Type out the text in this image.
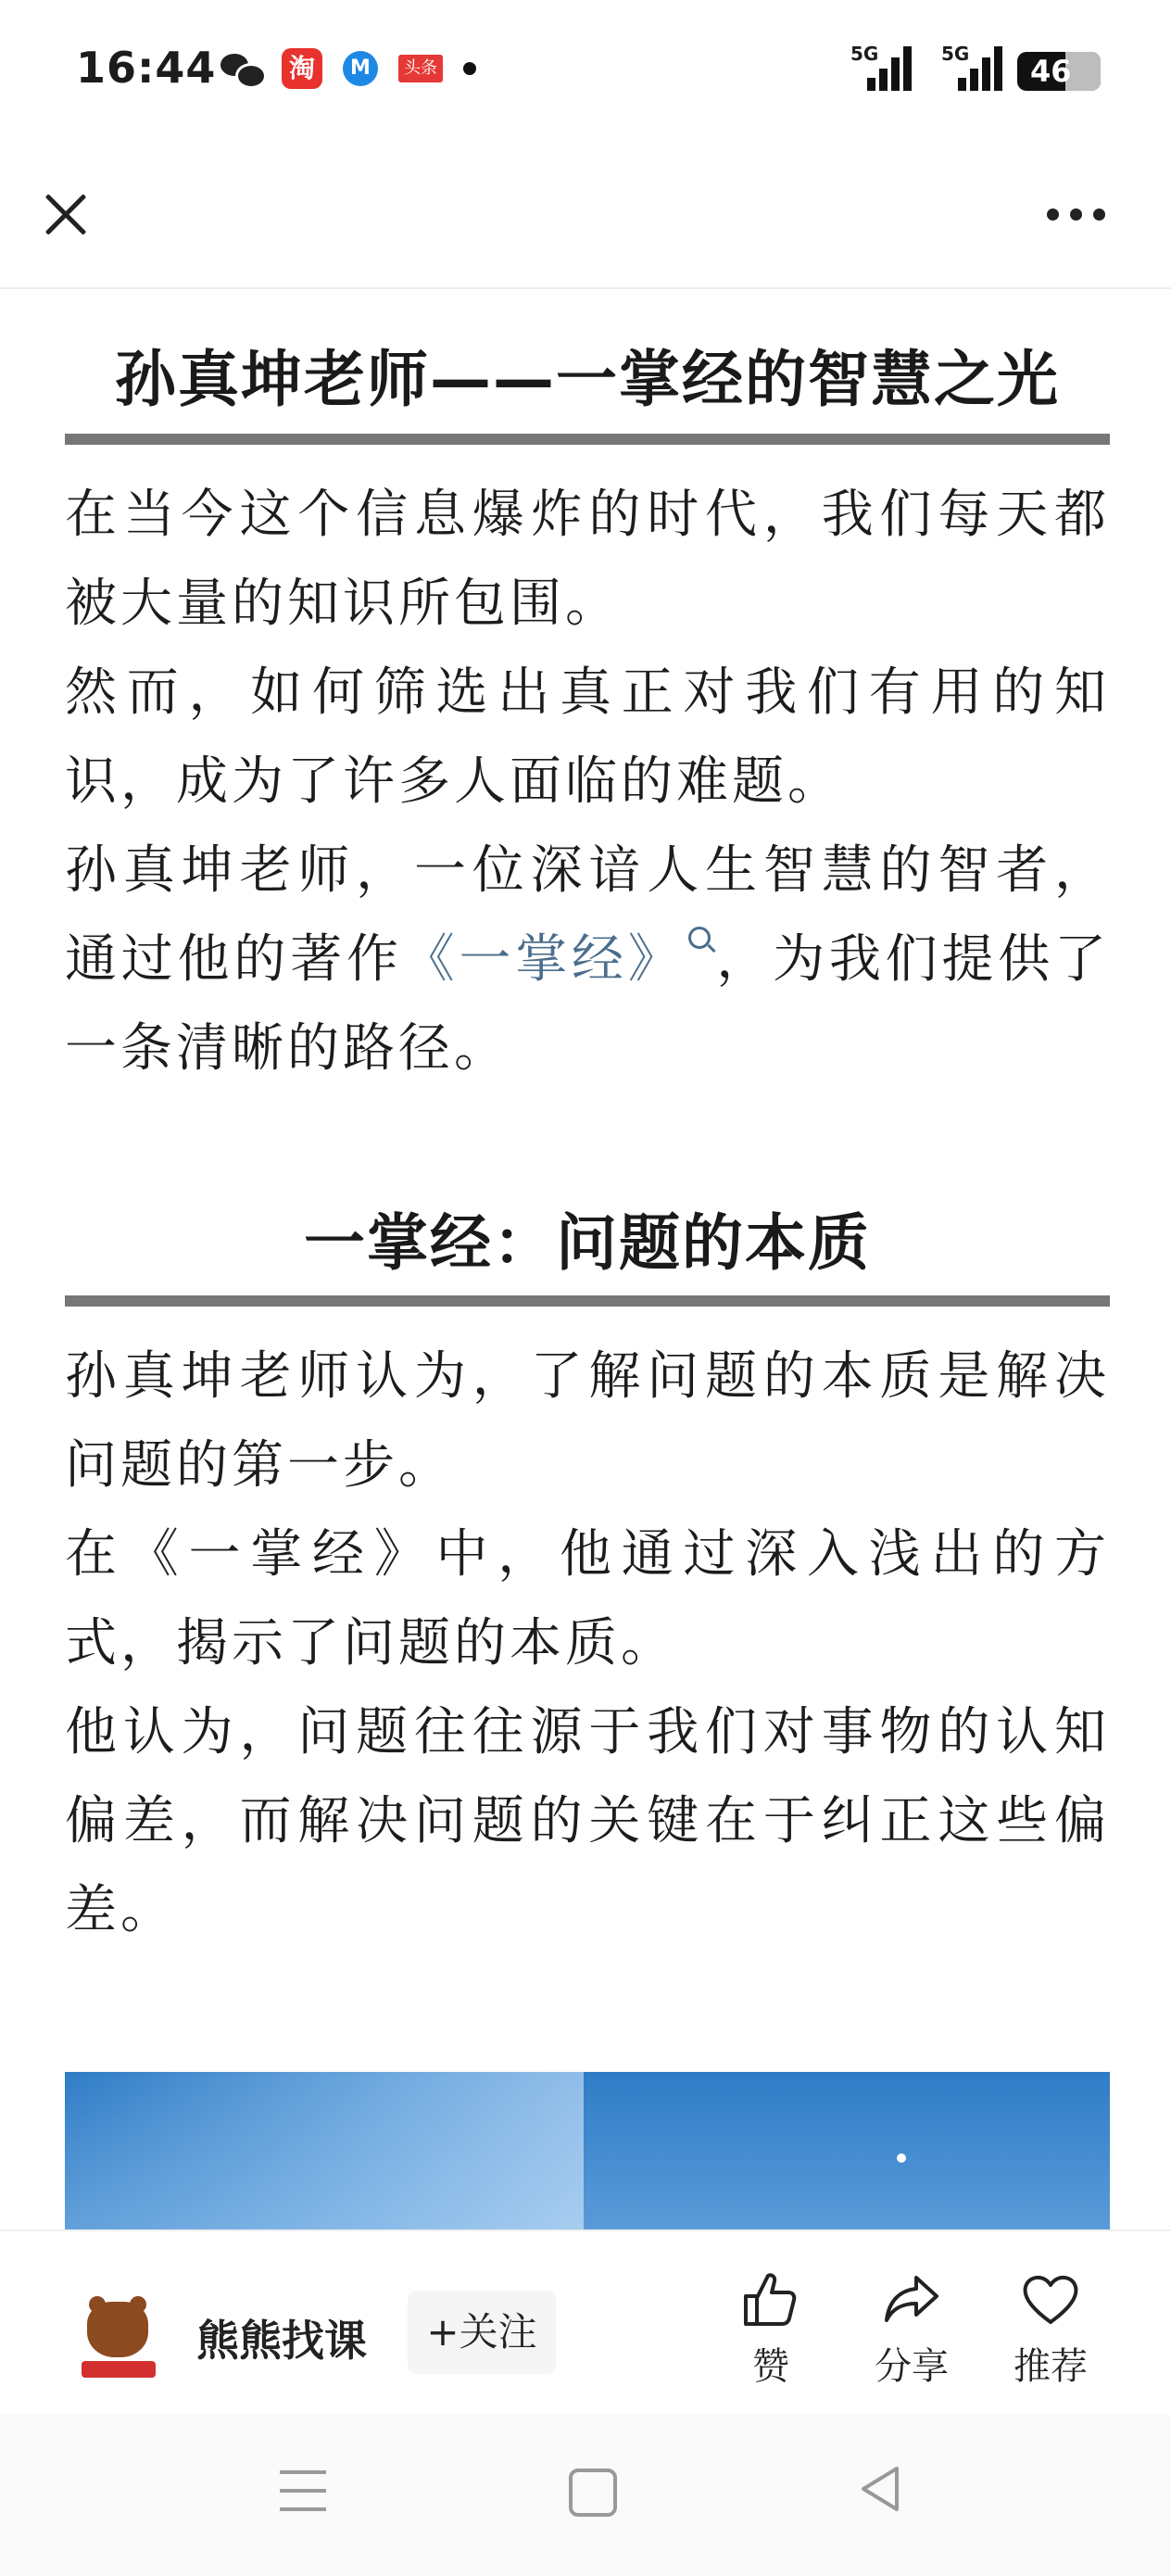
16:44	淘	M	头条
5G	5G	46
孙真坤老师——一掌经的智慧之光

在当今这个信息爆炸的时代，我们每天都被大量的知识所包围。

然而，如何筛选出真正对我们有用的知识，成为了许多人面临的难题。

孙真坤老师，一位深谙人生智慧的智者，通过他的著作《一掌经》 ，为我们提供了一条清晰的路径。

一掌经：问题的本质

孙真坤老师认为，了解问题的本质是解决问题的第一步。

在《一掌经》中，他通过深入浅出的方式，揭示了问题的本质。

他认为，问题往往源于我们对事物的认知偏差，而解决问题的关键在于纠正这些偏差。

熊熊找课	+关注
赞	分享	推荐
